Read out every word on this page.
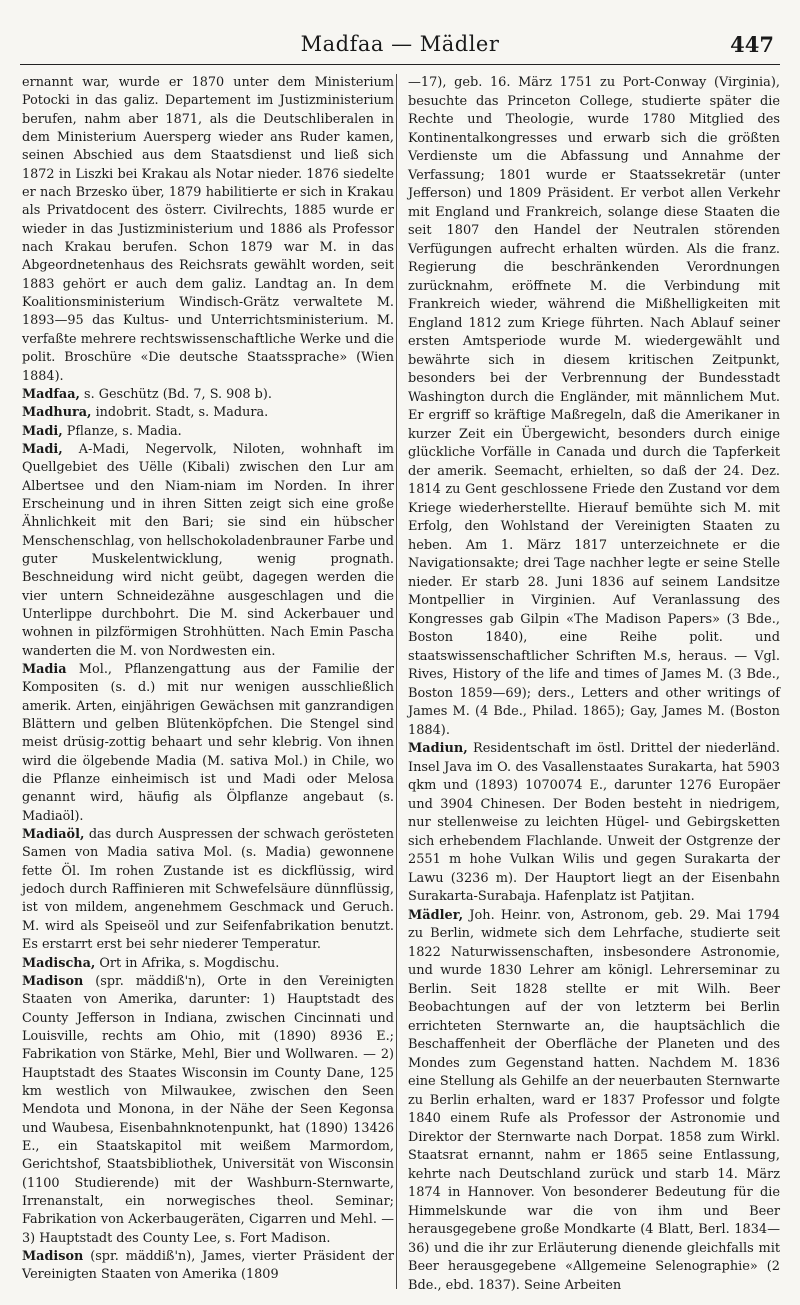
Madfaa — Mädler	447

ernannt war, wurde er 1870 unter dem Ministerium Potocki in das galiz. Departement im Justizministerium berufen, nahm aber 1871, als die Deutschliberalen in dem Ministerium Auersperg wieder ans Ruder kamen, seinen Abschied aus dem Staatsdienst und ließ sich 1872 in Liszki bei Krakau als Notar nieder. 1876 siedelte er nach Brzesko über, 1879 habilitierte er sich in Krakau als Privatdocent des österr. Civilrechts, 1885 wurde er wieder in das Justizministerium und 1886 als Professor nach Krakau berufen. Schon 1879 war M. in das Abgeordnetenhaus des Reichsrats gewählt worden, seit 1883 gehört er auch dem galiz. Landtag an. In dem Koalitionsministerium Windisch-Grätz verwaltete M. 1893—95 das Kultus- und Unterrichtsministerium. M. verfaßte mehrere rechtswissenschaftliche Werke und die polit. Broschüre «Die deutsche Staatssprache» (Wien 1884).

Madfaa, s. Geschütz (Bd. 7, S. 908 b).

Madhura, indobrit. Stadt, s. Madura.

Madi, Pflanze, s. Madia.

Madi, A-Madi, Negervolk, Niloten, wohnhaft im Quellgebiet des Uëlle (Kibali) zwischen den Lur am Albertsee und den Niam-niam im Norden. In ihrer Erscheinung und in ihren Sitten zeigt sich eine große Ähnlichkeit mit den Bari; sie sind ein hübscher Menschenschlag, von hellschokoladenbrauner Farbe und guter Muskelentwicklung, wenig prognath. Beschneidung wird nicht geübt, dagegen werden die vier untern Schneidezähne ausgeschlagen und die Unterlippe durchbohrt. Die M. sind Ackerbauer und wohnen in pilzförmigen Strohhütten. Nach Emin Pascha wanderten die M. von Nordwesten ein.

Madia Mol., Pflanzengattung aus der Familie der Kompositen (s. d.) mit nur wenigen ausschließlich amerik. Arten, einjährigen Gewächsen mit ganzrandigen Blättern und gelben Blütenköpfchen. Die Stengel sind meist drüsig-zottig behaart und sehr klebrig. Von ihnen wird die ölgebende Madia (M. sativa Mol.) in Chile, wo die Pflanze einheimisch ist und Madi oder Melosa genannt wird, häufig als Ölpflanze angebaut (s. Madiaöl).

Madiaöl, das durch Auspressen der schwach gerösteten Samen von Madia sativa Mol. (s. Madia) gewonnene fette Öl. Im rohen Zustande ist es dickflüssig, wird jedoch durch Raffinieren mit Schwefelsäure dünnflüssig, ist von mildem, angenehmem Geschmack und Geruch. M. wird als Speiseöl und zur Seifenfabrikation benutzt. Es erstarrt erst bei sehr niederer Temperatur.

Madischa, Ort in Afrika, s. Mogdischu.

Madison (spr. mäddiß'n), Orte in den Vereinigten Staaten von Amerika, darunter: 1) Hauptstadt des County Jefferson in Indiana, zwischen Cincinnati und Louisville, rechts am Ohio, mit (1890) 8936 E.; Fabrikation von Stärke, Mehl, Bier und Wollwaren. — 2) Hauptstadt des Staates Wisconsin im County Dane, 125 km westlich von Milwaukee, zwischen den Seen Mendota und Monona, in der Nähe der Seen Kegonsa und Waubesa, Eisenbahnknotenpunkt, hat (1890) 13426 E., ein Staatskapitol mit weißem Marmordom, Gerichtshof, Staatsbibliothek, Universität von Wisconsin (1100 Studierende) mit der Washburn-Sternwarte, Irrenanstalt, ein norwegisches theol. Seminar; Fabrikation von Ackerbaugeräten, Cigarren und Mehl. — 3) Hauptstadt des County Lee, s. Fort Madison.

Madison (spr. mäddiß'n), James, vierter Präsident der Vereinigten Staaten von Amerika (1809

—17), geb. 16. März 1751 zu Port-Conway (Virginia), besuchte das Princeton College, studierte später die Rechte und Theologie, wurde 1780 Mitglied des Kontinentalkongresses und erwarb sich die größten Verdienste um die Abfassung und Annahme der Verfassung; 1801 wurde er Staatssekretär (unter Jefferson) und 1809 Präsident. Er verbot allen Verkehr mit England und Frankreich, solange diese Staaten die seit 1807 den Handel der Neutralen störenden Verfügungen aufrecht erhalten würden. Als die franz. Regierung die beschränkenden Verordnungen zurücknahm, eröffnete M. die Verbindung mit Frankreich wieder, während die Mißhelligkeiten mit England 1812 zum Kriege führten. Nach Ablauf seiner ersten Amtsperiode wurde M. wiedergewählt und bewährte sich in diesem kritischen Zeitpunkt, besonders bei der Verbrennung der Bundesstadt Washington durch die Engländer, mit männlichem Mut. Er ergriff so kräftige Maßregeln, daß die Amerikaner in kurzer Zeit ein Übergewicht, besonders durch einige glückliche Vorfälle in Canada und durch die Tapferkeit der amerik. Seemacht, erhielten, so daß der 24. Dez. 1814 zu Gent geschlossene Friede den Zustand vor dem Kriege wiederherstellte. Hierauf bemühte sich M. mit Erfolg, den Wohlstand der Vereinigten Staaten zu heben. Am 1. März 1817 unterzeichnete er die Navigationsakte; drei Tage nachher legte er seine Stelle nieder. Er starb 28. Juni 1836 auf seinem Landsitze Montpellier in Virginien. Auf Veranlassung des Kongresses gab Gilpin «The Madison Papers» (3 Bde., Boston 1840), eine Reihe polit. und staatswissenschaftlicher Schriften M.s, heraus. — Vgl. Rives, History of the life and times of James M. (3 Bde., Boston 1859—69); ders., Letters and other writings of James M. (4 Bde., Philad. 1865); Gay, James M. (Boston 1884).

Madiun, Residentschaft im östl. Drittel der niederländ. Insel Java im O. des Vasallenstaates Surakarta, hat 5903 qkm und (1893) 1070074 E., darunter 1276 Europäer und 3904 Chinesen. Der Boden besteht in niedrigem, nur stellenweise zu leichten Hügel- und Gebirgsketten sich erhebendem Flachlande. Unweit der Ostgrenze der 2551 m hohe Vulkan Wilis und gegen Surakarta der Lawu (3236 m). Der Hauptort liegt an der Eisenbahn Surakarta-Surabaja. Hafenplatz ist Patjitan.

Mädler, Joh. Heinr. von, Astronom, geb. 29. Mai 1794 zu Berlin, widmete sich dem Lehrfache, studierte seit 1822 Naturwissenschaften, insbesondere Astronomie, und wurde 1830 Lehrer am königl. Lehrerseminar zu Berlin. Seit 1828 stellte er mit Wilh. Beer Beobachtungen auf der von letzterm bei Berlin errichteten Sternwarte an, die hauptsächlich die Beschaffenheit der Oberfläche der Planeten und des Mondes zum Gegenstand hatten. Nachdem M. 1836 eine Stellung als Gehilfe an der neuerbauten Sternwarte zu Berlin erhalten, ward er 1837 Professor und folgte 1840 einem Rufe als Professor der Astronomie und Direktor der Sternwarte nach Dorpat. 1858 zum Wirkl. Staatsrat ernannt, nahm er 1865 seine Entlassung, kehrte nach Deutschland zurück und starb 14. März 1874 in Hannover. Von besonderer Bedeutung für die Himmelskunde war die von ihm und Beer herausgegebene große Mondkarte (4 Blatt, Berl. 1834—36) und die ihr zur Erläuterung dienende gleichfalls mit Beer herausgegebene «Allgemeine Selenographie» (2 Bde., ebd. 1837). Seine Arbeiten
